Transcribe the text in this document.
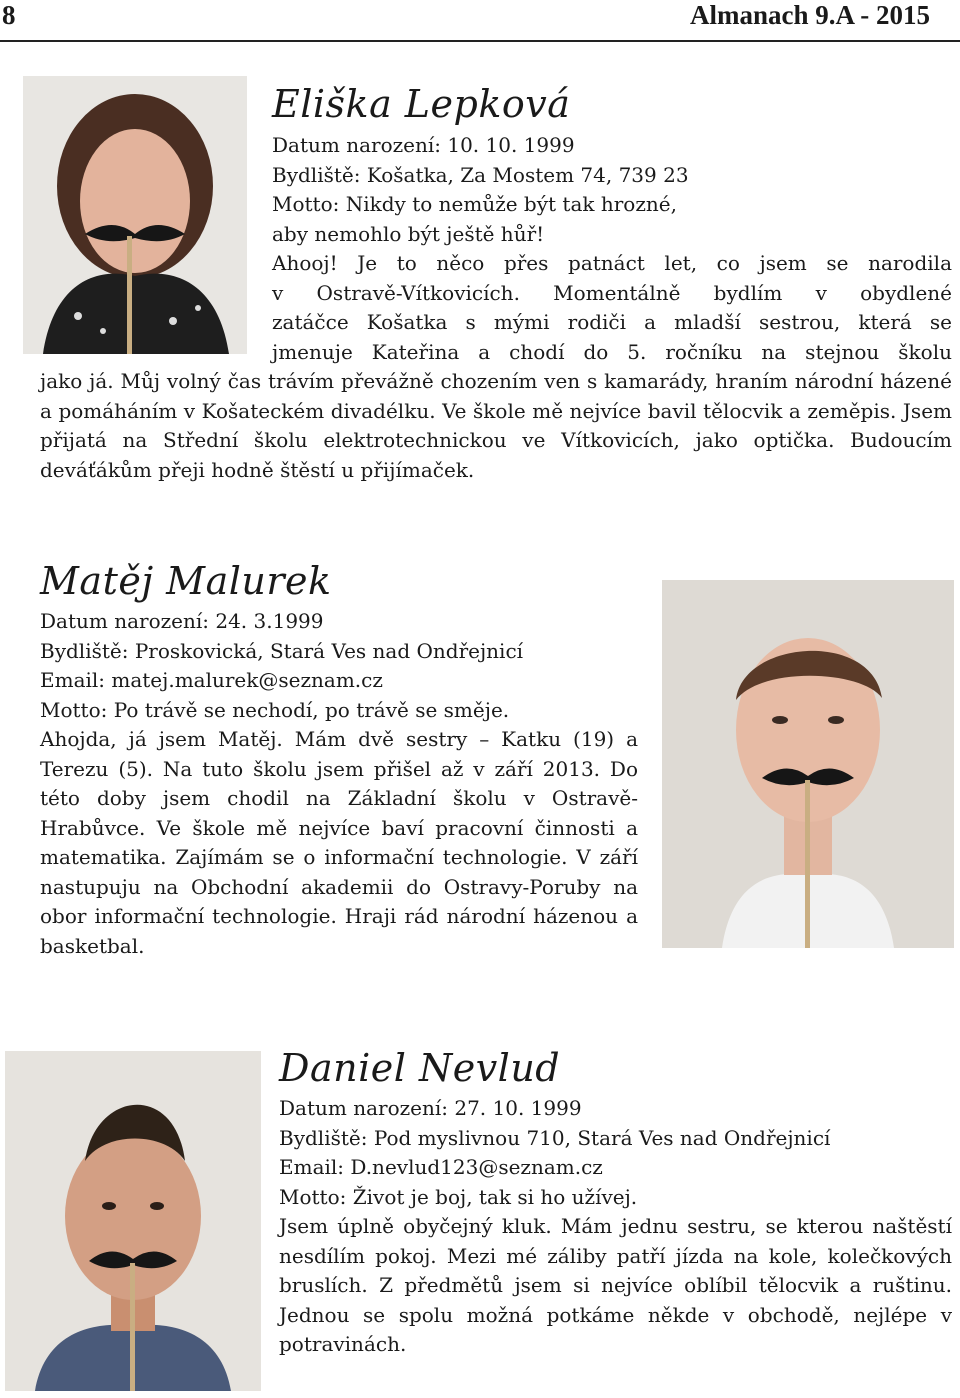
8	Almanach 9.A - 2015
Eliška Lepková
Datum narození: 10. 10. 1999
Bydliště: Košatka, Za Mostem 74, 739 23
Motto: Nikdy to nemůže být tak hrozné,
aby nemohlo být ještě hůř!
Ahooj! Je to něco přes patnáct let, co jsem se narodila
v Ostravě-Vítkovicích. Momentálně bydlím v obydlené
zatáčce Košatka s mými rodiči a mladší sestrou, která se
jmenuje Kateřina a chodí do 5. ročníku na stejnou školu

jako já. Můj volný čas trávím převážně chozením ven s kamarády, hraním národní házené a pomáháním v Košateckém divadélku. Ve škole mě nejvíce bavil tělocvik a zeměpis. Jsem přijatá na Střední školu elektrotechnickou ve Vítkovicích, jako optička. Budoucím deváťákům přeji hodně štěstí u přijímaček.

Matěj Malurek
Datum narození: 24. 3.1999
Bydliště: Proskovická, Stará Ves nad Ondřejnicí
Email: matej.malurek@seznam.cz
Motto: Po trávě se nechodí, po trávě se směje.

Ahojda, já jsem Matěj. Mám dvě sestry – Katku (19) a Terezu (5). Na tuto školu jsem přišel až v září 2013. Do této doby jsem chodil na Základní školu v Ostravě-Hrabůvce. Ve škole mě nejvíce baví pracovní činnosti a matematika. Zajímám se o informační technologie. V září nastupuju na Obchodní akademii do Ostravy-Poruby na obor informační technologie. Hraji rád národní házenou a basketbal.

Daniel Nevlud
Datum narození: 27. 10. 1999
Bydliště: Pod myslivnou 710, Stará Ves nad Ondřejnicí
Email: D.nevlud123@seznam.cz
Motto: Život je boj, tak si ho užívej.

Jsem úplně obyčejný kluk. Mám jednu sestru, se kterou naštěstí nesdílím pokoj. Mezi mé záliby patří jízda na kole, kolečkových bruslích. Z předmětů jsem si nejvíce oblíbil tělocvik a ruštinu. Jednou se spolu možná potkáme někde v obchodě, nejlépe v potravinách.
